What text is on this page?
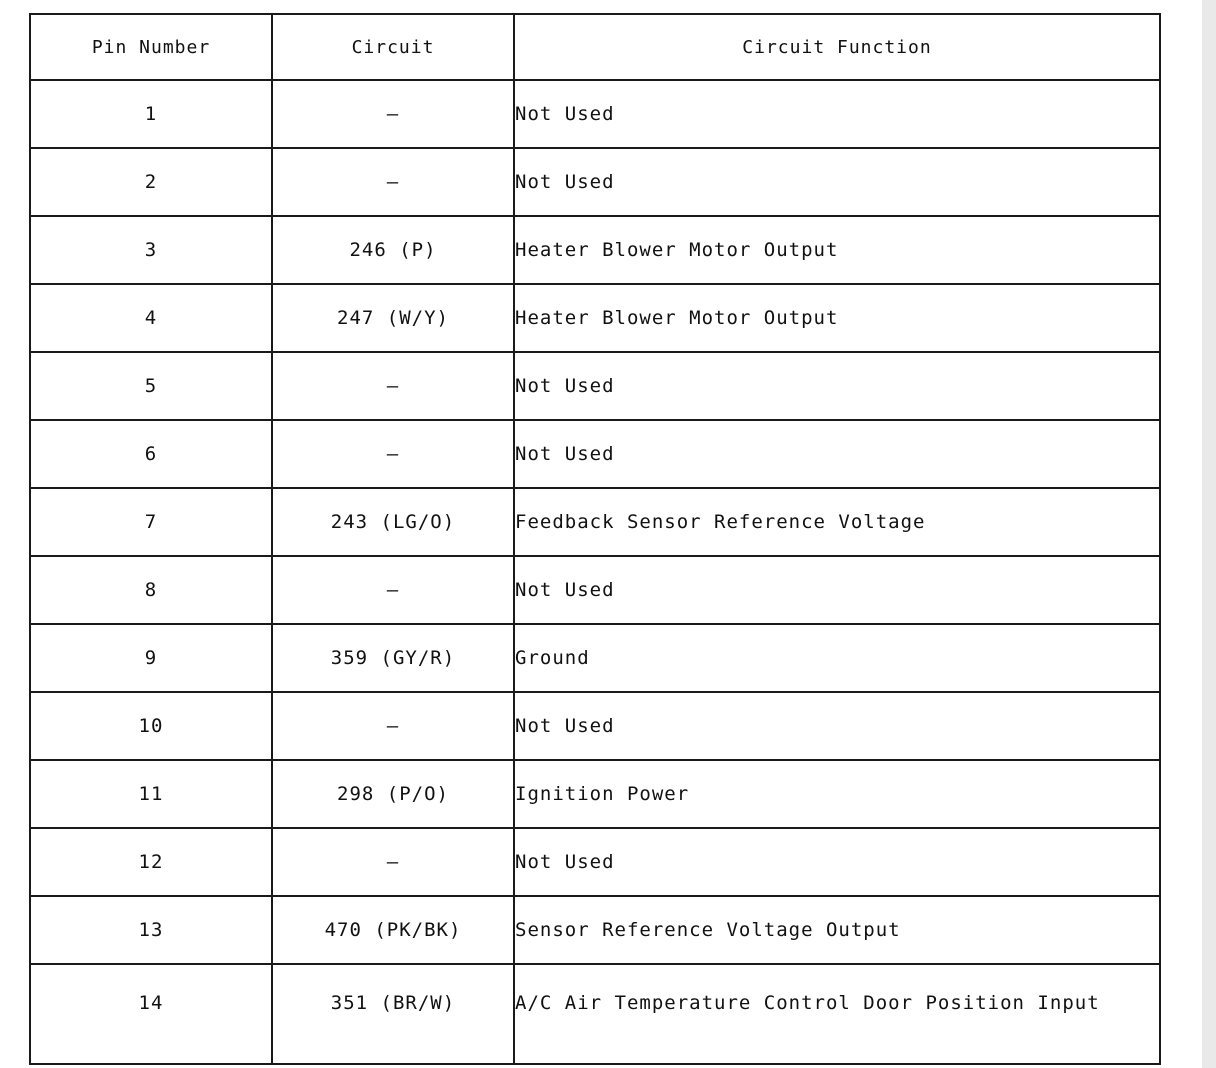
Pin Number	Circuit	Circuit Function
1	–	Not Used
2	–	Not Used
3	246 (P)	Heater Blower Motor Output
4	247 (W/Y)	Heater Blower Motor Output
5	–	Not Used
6	–	Not Used
7	243 (LG/O)	Feedback Sensor Reference Voltage
8	–	Not Used
9	359 (GY/R)	Ground
10	–	Not Used
11	298 (P/O)	Ignition Power
12	–	Not Used
13	470 (PK/BK)	Sensor Reference Voltage Output
14	351 (BR/W)	A/C Air Temperature Control Door Position Input
